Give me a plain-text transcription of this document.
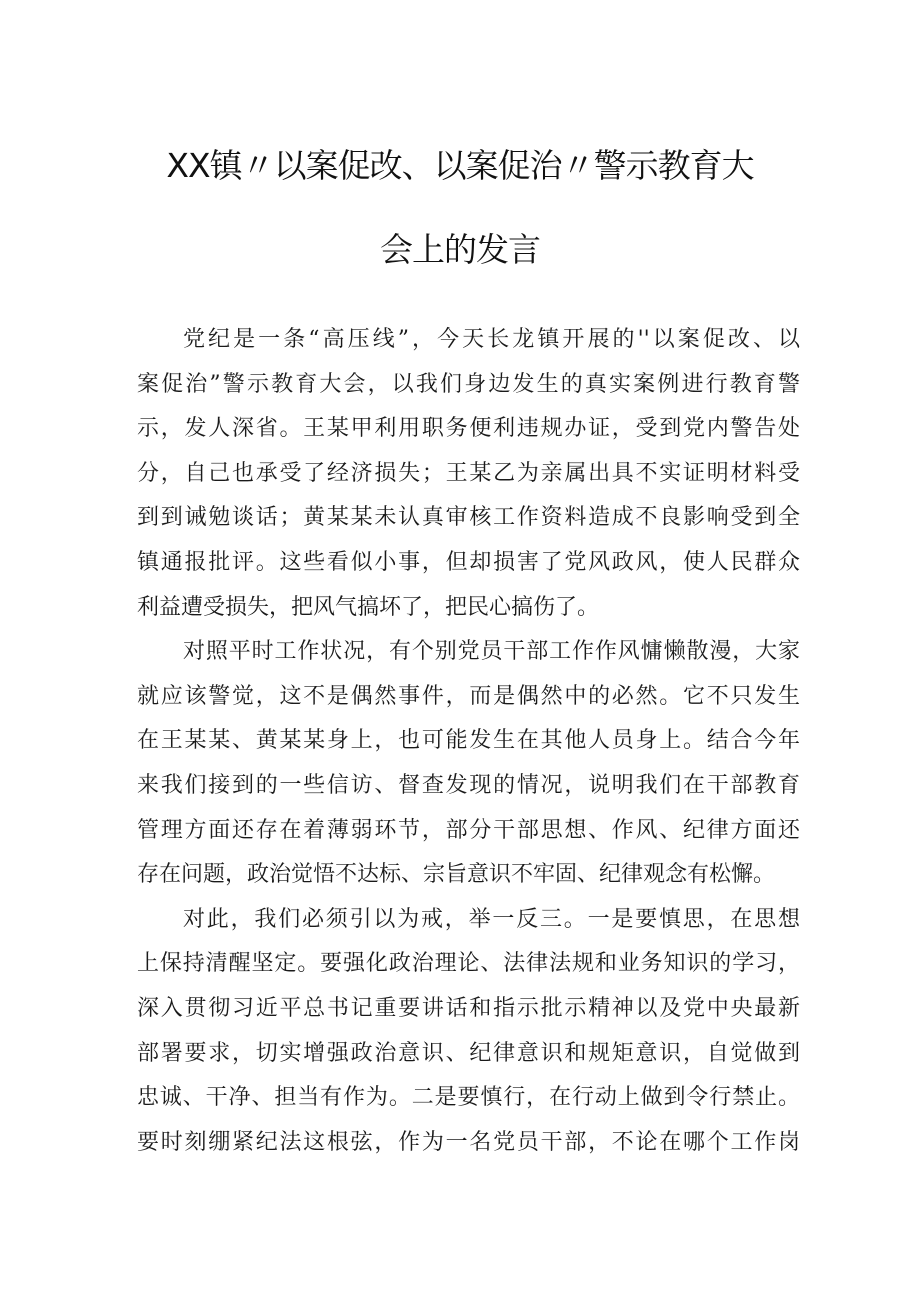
XX镇〃以案促改、以案促治〃警示教育大
会上的发言
党纪是一条“高压线”，今天长龙镇开展的''以案促改、以
案促治”警示教育大会，以我们身边发生的真实案例进行教育警
示，发人深省。王某甲利用职务便利违规办证，受到党内警告处
分，自己也承受了经济损失；王某乙为亲属出具不实证明材料受
到到诫勉谈话；黄某某未认真审核工作资料造成不良影响受到全
镇通报批评。这些看似小事，但却损害了党风政风，使人民群众
利益遭受损失，把风气搞坏了，把民心搞伤了。
对照平时工作状况，有个别党员干部工作作风慵懒散漫，大家
就应该警觉，这不是偶然事件，而是偶然中的必然。它不只发生
在王某某、黄某某身上，也可能发生在其他人员身上。结合今年
来我们接到的一些信访、督查发现的情况，说明我们在干部教育
管理方面还存在着薄弱环节，部分干部思想、作风、纪律方面还
存在问题，政治觉悟不达标、宗旨意识不牢固、纪律观念有松懈。
对此，我们必须引以为戒，举一反三。一是要慎思，在思想
上保持清醒坚定。要强化政治理论、法律法规和业务知识的学习，
深入贯彻习近平总书记重要讲话和指示批示精神以及党中央最新
部署要求，切实增强政治意识、纪律意识和规矩意识，自觉做到
忠诚、干净、担当有作为。二是要慎行，在行动上做到令行禁止。
要时刻绷紧纪法这根弦，作为一名党员干部，不论在哪个工作岗
